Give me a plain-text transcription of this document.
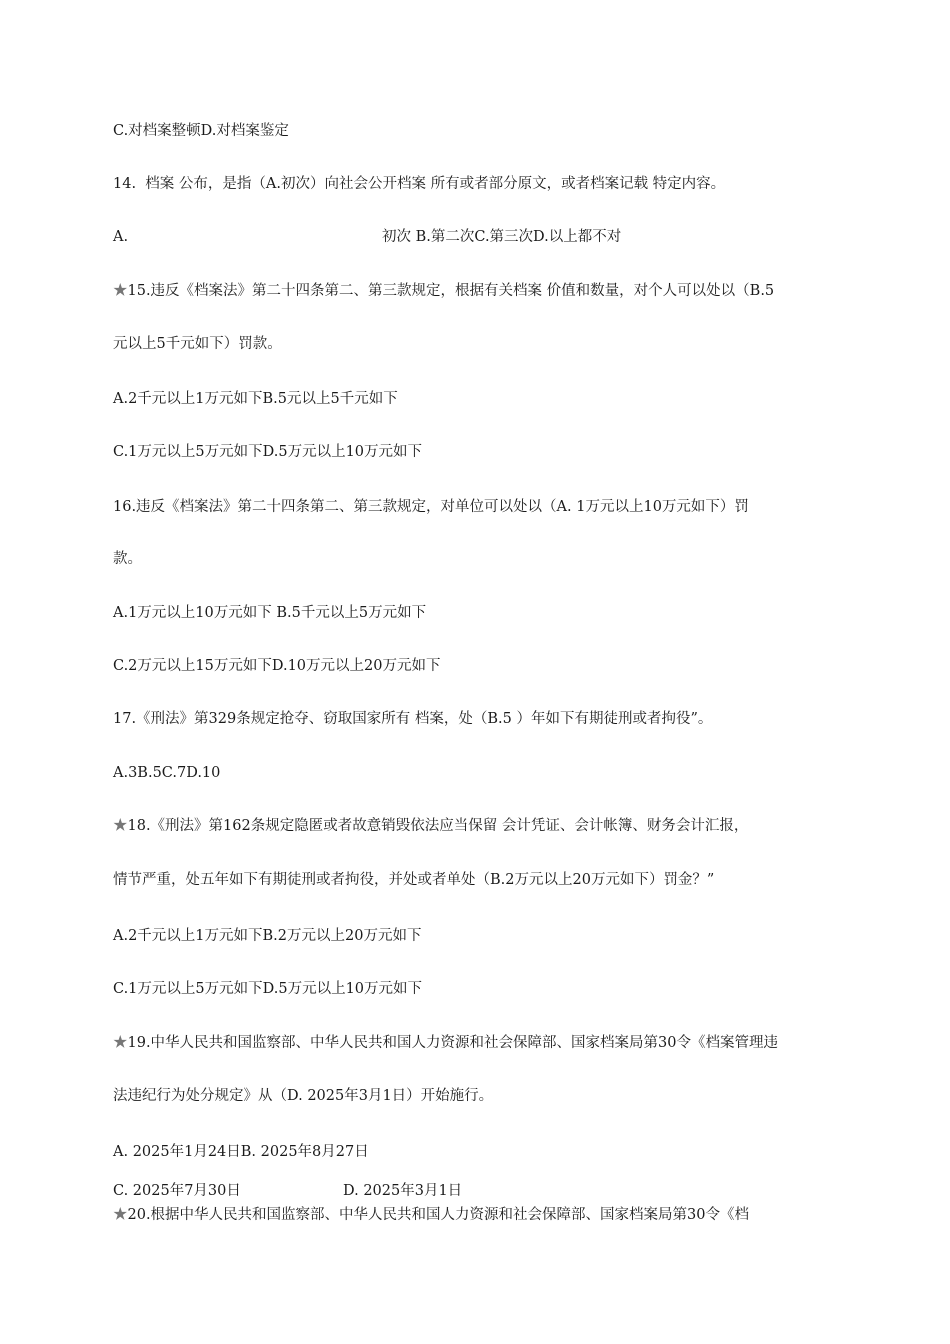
C.对档案整顿D.对档案鉴定
14.  档案 公布，是指（A.初次）向社会公开档案 所有或者部分原文，或者档案记载 特定内容。
A.	初次 B.第二次C.第三次D.以上都不对
★15.违反《档案法》第二十四条第二、第三款规定，根据有关档案 价值和数量，对个人可以处以（B.5
元以上5千元如下）罚款。
A.2千元以上1万元如下B.5元以上5千元如下
C.1万元以上5万元如下D.5万元以上10万元如下
16.违反《档案法》第二十四条第二、第三款规定，对单位可以处以（A. 1万元以上10万元如下）罚
款。
A.1万元以上10万元如下 B.5千元以上5万元如下
C.2万元以上15万元如下D.10万元以上20万元如下
17.《刑法》第329条规定抢夺、窃取国家所有 档案，处（B.5 ）年如下有期徒刑或者拘役”。
A.3B.5C.7D.10
★18.《刑法》第162条规定隐匿或者故意销毁依法应当保留 会计凭证、会计帐簿、财务会计汇报，
情节严重，处五年如下有期徒刑或者拘役，并处或者单处（B.2万元以上20万元如下）罚金？”
A.2千元以上1万元如下B.2万元以上20万元如下
C.1万元以上5万元如下D.5万元以上10万元如下
★19.中华人民共和国监察部、中华人民共和国人力资源和社会保障部、国家档案局第30令《档案管理违
法违纪行为处分规定》从（D. 2025年3月1日）开始施行。
A. 2025年1月24日B. 2025年8月27日
C. 2025年7月30日	D. 2025年3月1日
★20.根据中华人民共和国监察部、中华人民共和国人力资源和社会保障部、国家档案局第30令《档
